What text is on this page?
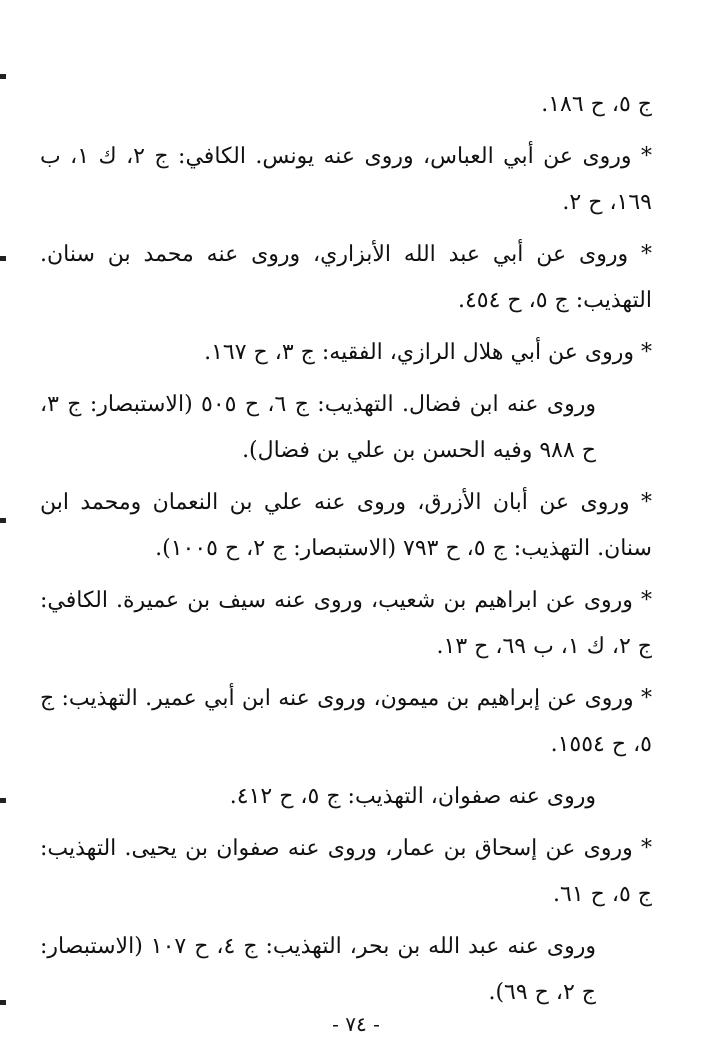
ج ٥، ح ١٨٦.

* وروى عن أبي العباس، وروى عنه يونس. الكافي: ج ٢، ك ١، ب ١٦٩، ح ٢.

* وروى عن أبي عبد الله الأبزاري، وروى عنه محمد بن سنان. التهذيب: ج ٥، ح ٤٥٤.

* وروى عن أبي هلال الرازي، الفقيه: ج ٣، ح ١٦٧.

وروى عنه ابن فضال. التهذيب: ج ٦، ح ٥٠٥ (الاستبصار: ج ٣، ح ٩٨٨ وفيه الحسن بن علي بن فضال).

* وروى عن أبان الأزرق، وروى عنه علي بن النعمان ومحمد ابن سنان. التهذيب: ج ٥، ح ٧٩٣ (الاستبصار: ج ٢، ح ١٠٠٥).

* وروى عن ابراهيم بن شعيب، وروى عنه سيف بن عميرة. الكافي: ج ٢، ك ١، ب ٦٩، ح ١٣.

* وروى عن إبراهيم بن ميمون، وروى عنه ابن أبي عمير. التهذيب: ج ٥، ح ١٥٥٤.

وروى عنه صفوان، التهذيب: ج ٥، ح ٤١٢.

* وروى عن إسحاق بن عمار، وروى عنه صفوان بن يحيى. التهذيب: ج ٥، ح ٦١.

وروى عنه عبد الله بن بحر، التهذيب: ج ٤، ح ١٠٧ (الاستبصار: ج ٢، ح ٦٩).

- ٧٤ -
